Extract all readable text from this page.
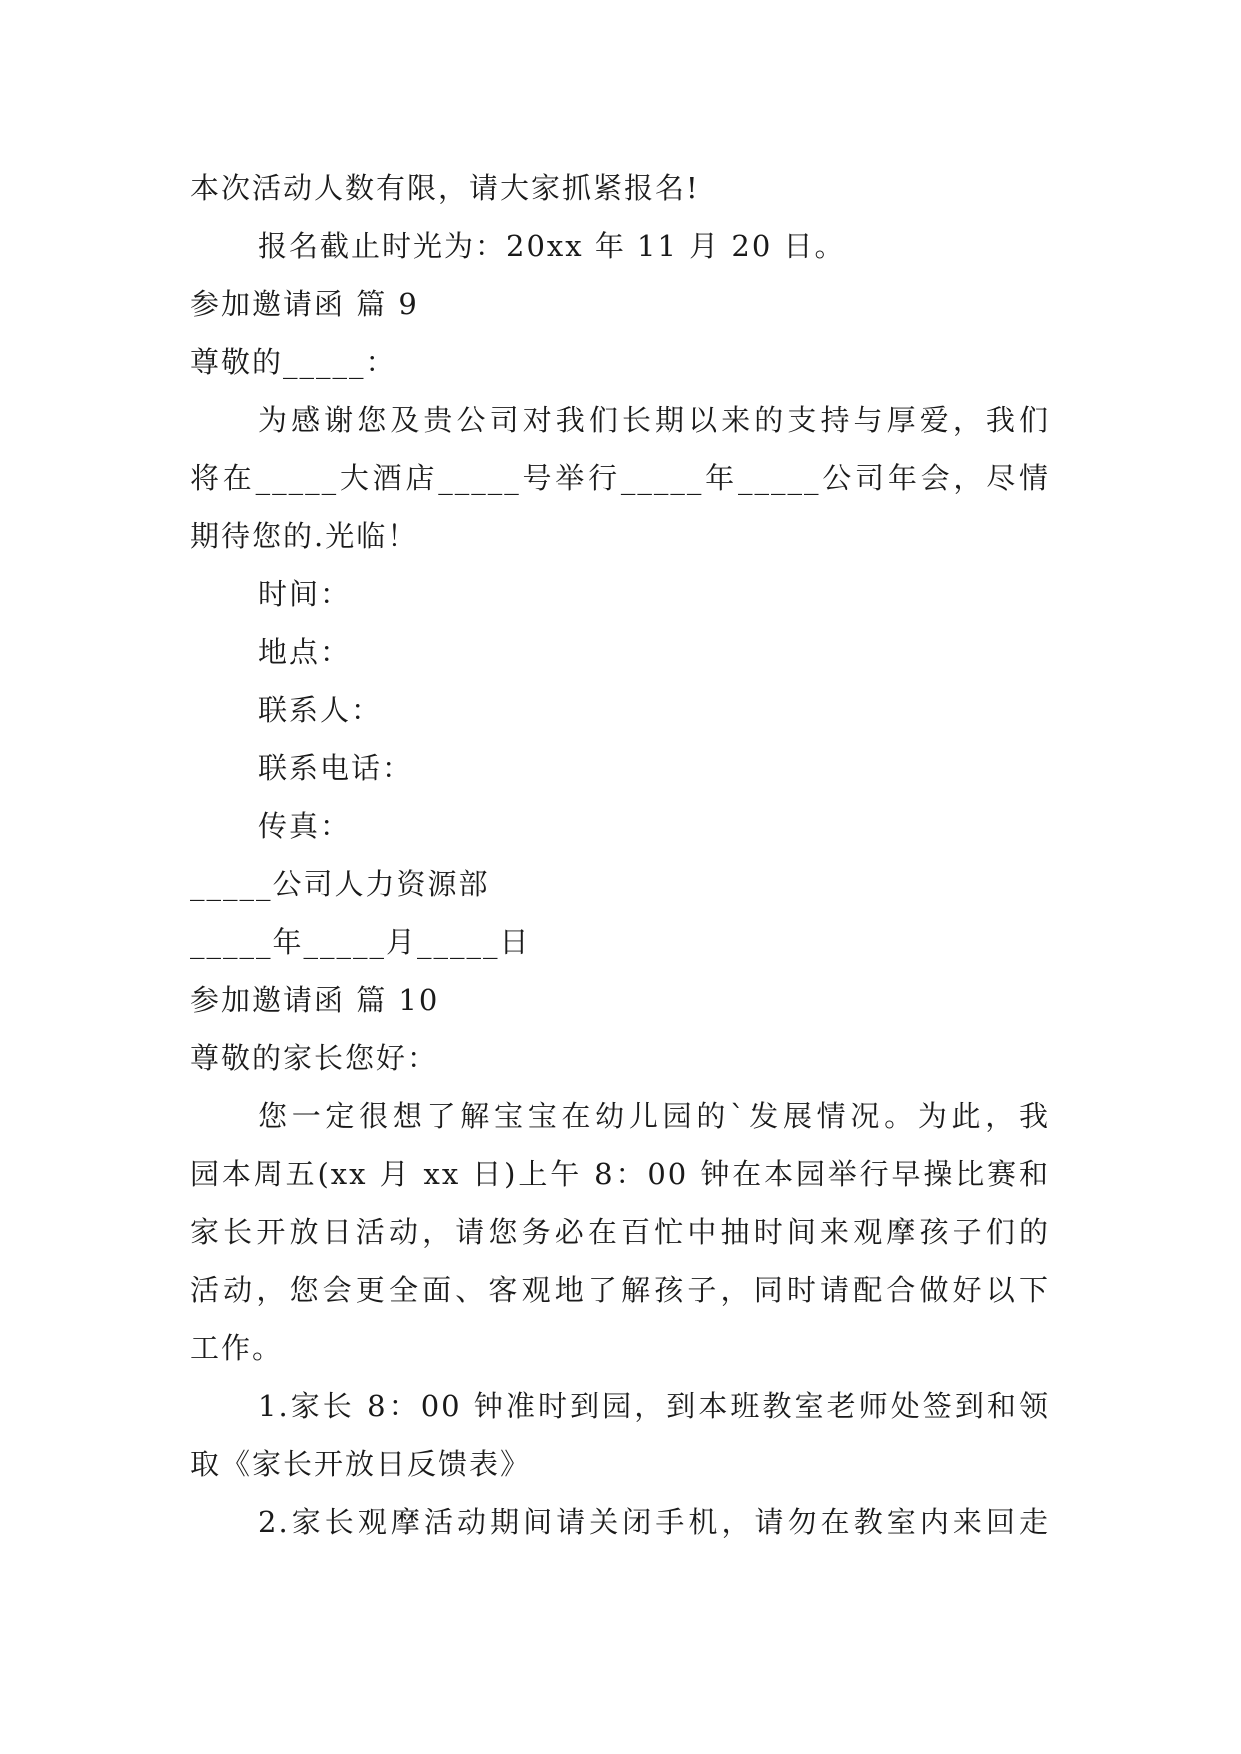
本次活动人数有限，请大家抓紧报名!
报名截止时光为：20xx 年 11 月 20 日。
参加邀请函 篇 9
尊敬的_____：
为感谢您及贵公司对我们长期以来的支持与厚爱，我们
将在_____大酒店_____号举行_____年_____公司年会，尽情
期待您的.光临！
时间：
地点：
联系人：
联系电话：
传真：
_____公司人力资源部
_____年_____月_____日
参加邀请函 篇 10
尊敬的家长您好：
您一定很想了解宝宝在幼儿园的`发展情况。为此，我
园本周五(xx 月 xx 日)上午 8：00 钟在本园举行早操比赛和
家长开放日活动，请您务必在百忙中抽时间来观摩孩子们的
活动，您会更全面、客观地了解孩子，同时请配合做好以下
工作。
1.家长 8：00 钟准时到园，到本班教室老师处签到和领
取《家长开放日反馈表》
2.家长观摩活动期间请关闭手机，请勿在教室内来回走
